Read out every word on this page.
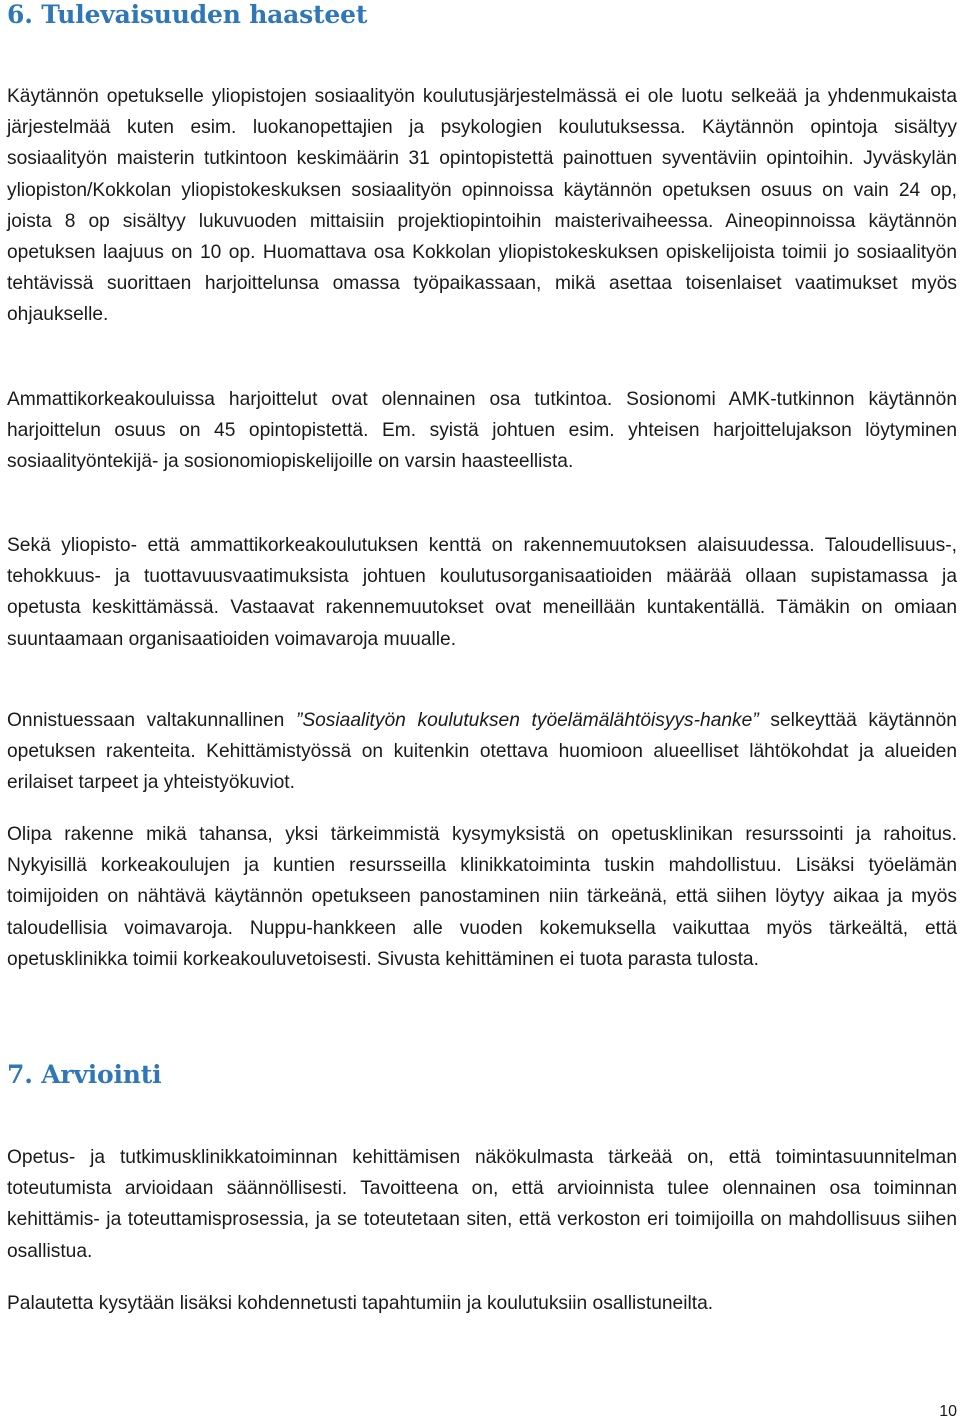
6. Tulevaisuuden haasteet

Käytännön opetukselle yliopistojen sosiaalityön koulutusjärjestelmässä ei ole luotu selkeää ja yhdenmukaista järjestelmää kuten esim. luokanopettajien ja psykologien koulutuksessa. Käytännön opintoja sisältyy sosiaalityön maisterin tutkintoon keskimäärin 31 opintopistettä painottuen syventäviin opintoihin. Jyväskylän yliopiston/Kokkolan yliopistokeskuksen sosiaalityön opinnoissa käytännön opetuksen osuus on vain 24 op, joista 8 op sisältyy lukuvuoden mittaisiin projektiopintoihin maisterivaiheessa. Aineopinnoissa käytännön opetuksen laajuus on 10 op. Huomattava osa Kokkolan yliopistokeskuksen opiskelijoista toimii jo sosiaalityön tehtävissä suorittaen harjoittelunsa omassa työpaikassaan, mikä asettaa toisenlaiset vaatimukset myös ohjaukselle.

Ammattikorkeakouluissa harjoittelut ovat olennainen osa tutkintoa. Sosionomi AMK-tutkinnon käytännön harjoittelun osuus on 45 opintopistettä. Em. syistä johtuen esim. yhteisen harjoittelujakson löytyminen sosiaalityöntekijä- ja sosionomiopiskelijoille on varsin haasteellista.

Sekä yliopisto- että ammattikorkeakoulutuksen kenttä on rakennemuutoksen alaisuudessa. Taloudellisuus-, tehokkuus- ja tuottavuusvaatimuksista johtuen koulutusorganisaatioiden määrää ollaan supistamassa ja opetusta keskittämässä. Vastaavat rakennemuutokset ovat meneillään kuntakentällä. Tämäkin on omiaan suuntaamaan organisaatioiden voimavaroja muualle.

Onnistuessaan valtakunnallinen ”Sosiaalityön koulutuksen työelämälähtöisyys-hanke” selkeyttää käytännön opetuksen rakenteita. Kehittämistyössä on kuitenkin otettava huomioon alueelliset lähtökohdat ja alueiden erilaiset tarpeet ja yhteistyökuviot.

Olipa rakenne mikä tahansa, yksi tärkeimmistä kysymyksistä on opetusklinikan resurssointi ja rahoitus. Nykyisillä korkeakoulujen ja kuntien resursseilla klinikkatoiminta tuskin mahdollistuu. Lisäksi työelämän toimijoiden on nähtävä käytännön opetukseen panostaminen niin tärkeänä, että siihen löytyy aikaa ja myös taloudellisia voimavaroja. Nuppu-hankkeen alle vuoden kokemuksella vaikuttaa myös tärkeältä, että opetusklinikka toimii korkeakouluvetoisesti. Sivusta kehittäminen ei tuota parasta tulosta.

7. Arviointi

Opetus- ja tutkimusklinikkatoiminnan kehittämisen näkökulmasta tärkeää on, että toimintasuunnitelman toteutumista arvioidaan säännöllisesti. Tavoitteena on, että arvioinnista tulee olennainen osa toiminnan kehittämis- ja toteuttamisprosessia, ja se toteutetaan siten, että verkoston eri toimijoilla on mahdollisuus siihen osallistua.

Palautetta kysytään lisäksi kohdennetusti tapahtumiin ja koulutuksiin osallistuneilta.

10
